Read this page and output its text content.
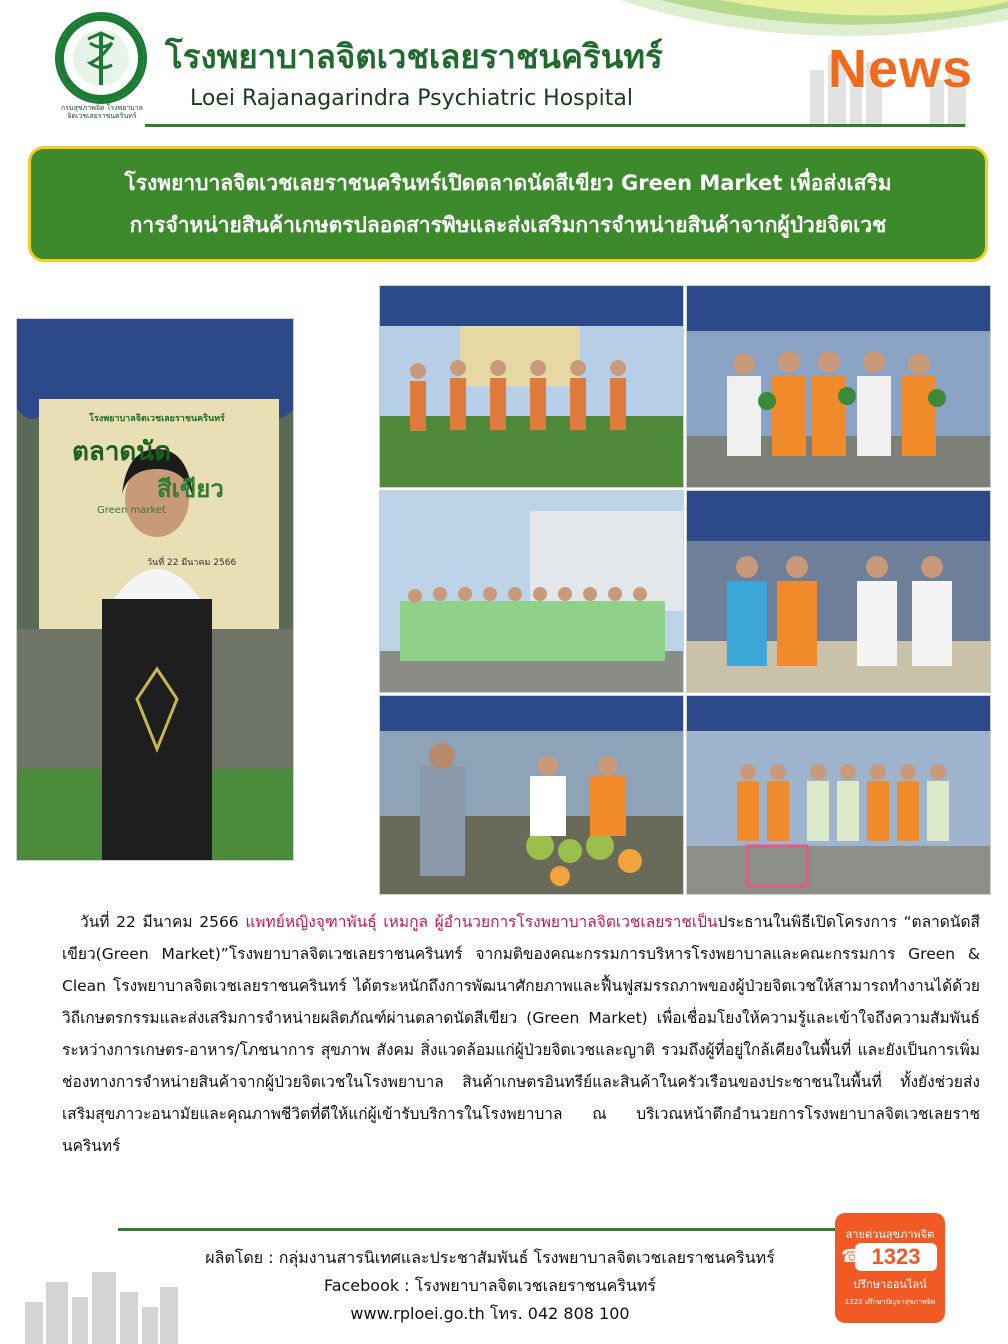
กรมสุขภาพจิต โรงพยาบาลจิตเวชเลยราชนครินทร์
โรงพยาบาลจิตเวชเลยราชนครินทร์
Loei Rajanagarindra Psychiatric Hospital	News
โรงพยาบาลจิตเวชเลยราชนครินทร์เปิดตลาดนัดสีเขียว Green Market เพื่อส่งเสริม
การจำหน่ายสินค้าเกษตรปลอดสารพิษและส่งเสริมการจำหน่ายสินค้าจากผู้ป่วยจิตเวช
โรงพยาบาลจิตเวชเลยราชนครินทร์
ตลาดนัด
สีเขียว
Green market
วันที่ 22 มีนาคม 2566
วันที่ 22 มีนาคม 2566 แพทย์หญิงจุฑาพันธุ์ เหมกูล ผู้อำนวยการโรงพยาบาลจิตเวชเลยราชเป็นประธานในพิธีเปิดโครงการ “ตลาดนัดสีเขียว(Green Market)”โรงพยาบาลจิตเวชเลยราชนครินทร์ จากมติของคณะกรรมการบริหารโรงพยาบาลและคณะกรรมการ Green & Clean โรงพยาบาลจิตเวชเลยราชนครินทร์ ได้ตระหนักถึงการพัฒนาศักยภาพและฟื้นฟูสมรรถภาพของผู้ป่วยจิตเวชให้สามารถทำงานได้ด้วยวิถีเกษตรกรรมและส่งเสริมการจำหน่ายผลิตภัณฑ์ผ่านตลาดนัดสีเขียว (Green Market) เพื่อเชื่อมโยงให้ความรู้และเข้าใจถึงความสัมพันธ์ ระหว่างการเกษตร-อาหาร/โภชนาการ สุขภาพ สังคม สิ่งแวดล้อมแก่ผู้ป่วยจิตเวชและญาติ รวมถึงผู้ที่อยู่ใกล้เคียงในพื้นที่ และยังเป็นการเพิ่มช่องทางการจำหน่ายสินค้าจากผู้ป่วยจิตเวชในโรงพยาบาล สินค้าเกษตรอินทรีย์และสินค้าในครัวเรือนของประชาชนในพื้นที่ ทั้งยังช่วยส่งเสริมสุขภาวะอนามัยและคุณภาพชีวิตที่ดีให้แก่ผู้เข้ารับบริการในโรงพยาบาล ณ บริเวณหน้าตึกอำนวยการโรงพยาบาลจิตเวชเลยราชนครินทร์
ผลิตโดย : กลุ่มงานสารนิเทศและประชาสัมพันธ์ โรงพยาบาลจิตเวชเลยราชนครินทร์
Facebook : โรงพยาบาลจิตเวชเลยราชนครินทร์
www.rploei.go.th โทร. 042 808 100
สายด่วนสุขภาพจิต
1323
☎
ปรึกษาออนไลน์
1323 ปรึกษาปัญหาสุขภาพจิต
